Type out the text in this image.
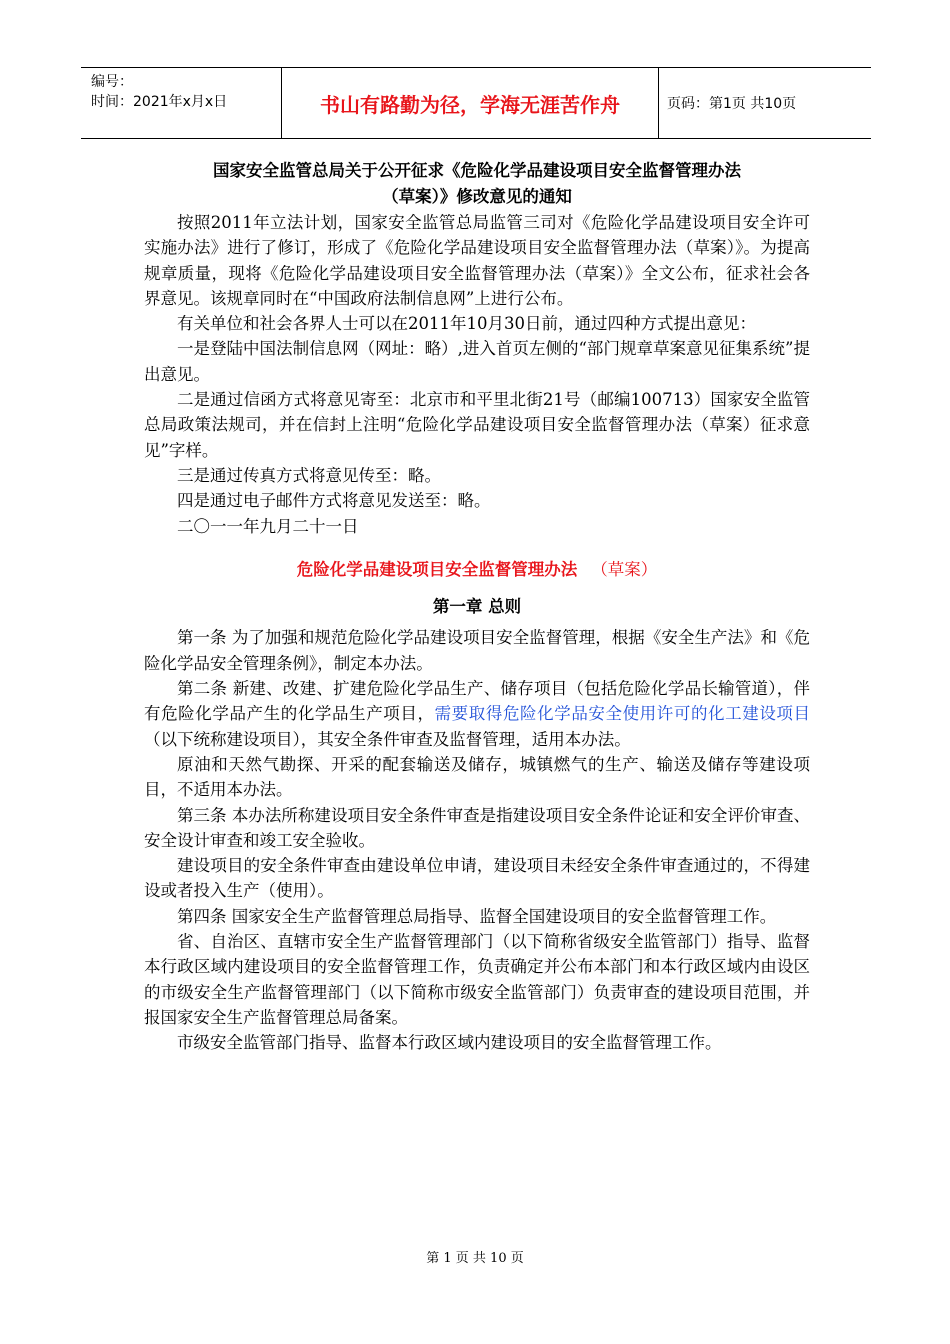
编号：
时间：2021年x月x日	书山有路勤为径，学海无涯苦作舟	页码：第1页 共10页
国家安全监管总局关于公开征求《危险化学品建设项目安全监督管理办法
（草案）》修改意见的通知
按照2011年立法计划，国家安全监管总局监管三司对《危险化学品建设项目安全许可实施办法》进行了修订，形成了《危险化学品建设项目安全监督管理办法（草案）》。为提高规章质量，现将《危险化学品建设项目安全监督管理办法（草案）》全文公布，征求社会各界意见。该规章同时在“中国政府法制信息网”上进行公布。
有关单位和社会各界人士可以在2011年10月30日前，通过四种方式提出意见：
一是登陆中国法制信息网（网址：略）,进入首页左侧的“部门规章草案意见征集系统”提出意见。
二是通过信函方式将意见寄至：北京市和平里北街21号（邮编100713）国家安全监管总局政策法规司，并在信封上注明“危险化学品建设项目安全监督管理办法（草案）征求意见”字样。
三是通过传真方式将意见传至：略。
四是通过电子邮件方式将意见发送至：略。
二〇一一年九月二十一日
危险化学品建设项目安全监督管理办法 （草案）
第一章 总则
第一条 为了加强和规范危险化学品建设项目安全监督管理，根据《安全生产法》和《危险化学品安全管理条例》，制定本办法。
第二条 新建、改建、扩建危险化学品生产、储存项目（包括危险化学品长输管道），伴有危险化学品产生的化学品生产项目，需要取得危险化学品安全使用许可的化工建设项目（以下统称建设项目），其安全条件审查及监督管理，适用本办法。
原油和天然气勘探、开采的配套输送及储存，城镇燃气的生产、输送及储存等建设项目，不适用本办法。
第三条 本办法所称建设项目安全条件审查是指建设项目安全条件论证和安全评价审查、安全设计审查和竣工安全验收。
建设项目的安全条件审查由建设单位申请，建设项目未经安全条件审查通过的，不得建设或者投入生产（使用）。
第四条 国家安全生产监督管理总局指导、监督全国建设项目的安全监督管理工作。
省、自治区、直辖市安全生产监督管理部门（以下简称省级安全监管部门）指导、监督本行政区域内建设项目的安全监督管理工作，负责确定并公布本部门和本行政区域内由设区的市级安全生产监督管理部门（以下简称市级安全监管部门）负责审查的建设项目范围，并报国家安全生产监督管理总局备案。
市级安全监管部门指导、监督本行政区域内建设项目的安全监督管理工作。
第 1 页 共 10 页
